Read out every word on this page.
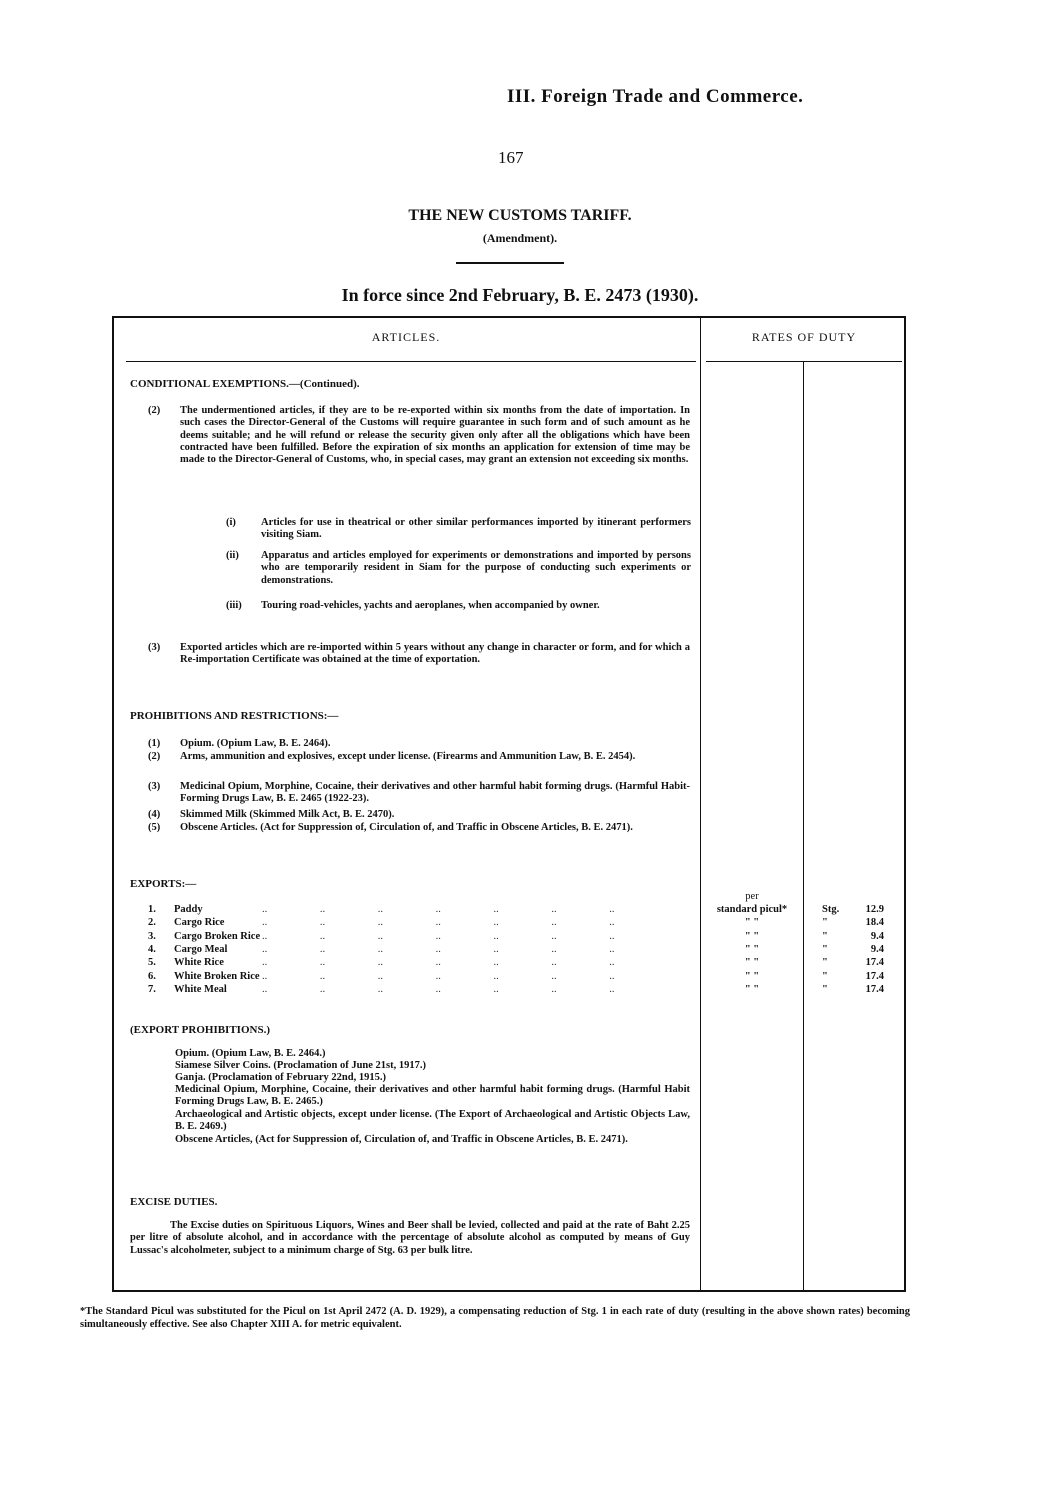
III. Foreign Trade and Commerce.
167
THE NEW CUSTOMS TARIFF.
(Amendment).
In force since 2nd February, B. E. 2473 (1930).
ARTICLES.	RATES OF DUTY
CONDITIONAL EXEMPTIONS.—(Continued).
(2) The undermentioned articles, if they are to be re-exported within six months from the date of importation. In such cases the Director-General of the Customs will require guarantee in such form and of such amount as he deems suitable; and he will refund or release the security given only after all the obligations which have been contracted have been fulfilled. Before the expiration of six months an application for extension of time may be made to the Director-General of Customs, who, in special cases, may grant an extension not exceeding six months.
(i) Articles for use in theatrical or other similar performances imported by itinerant performers visiting Siam.
(ii) Apparatus and articles employed for experiments or demonstrations and imported by persons who are temporarily resident in Siam for the purpose of conducting such experiments or demonstrations.
(iii) Touring road-vehicles, yachts and aeroplanes, when accompanied by owner.
(3) Exported articles which are re-imported within 5 years without any change in character or form, and for which a Re-importation Certificate was obtained at the time of exportation.
PROHIBITIONS AND RESTRICTIONS:—
(1) Opium. (Opium Law, B. E. 2464).
(2) Arms, ammunition and explosives, except under license. (Firearms and Ammunition Law, B. E. 2454).
(3) Medicinal Opium, Morphine, Cocaine, their derivatives and other harmful habit forming drugs. (Harmful Habit-Forming Drugs Law, B. E. 2465 (1922-23).
(4) Skimmed Milk (Skimmed Milk Act, B. E. 2470).
(5) Obscene Articles. (Act for Suppression of, Circulation of, and Traffic in Obscene Articles, B. E. 2471).
EXPORTS:—
per
standard picul*
1. Paddy	.. .. .. .. .. .. ..	Stg.	12.9
2. Cargo Rice	.. .. .. .. .. .. ..	" "	"	18.4
3. Cargo Broken Rice .. .. .. .. .. .. ..	" "	"	9.4
4. Cargo Meal	.. .. .. .. .. .. ..	" "	"	9.4
5. White Rice	.. .. .. .. .. .. ..	" "	"	17.4
6. White Broken Rice .. .. .. .. .. .. ..	" "	"	17.4
7. White Meal	.. .. .. .. .. .. ..	" "	"	17.4
(EXPORT PROHIBITIONS.)
Opium. (Opium Law, B. E. 2464.)
Siamese Silver Coins. (Proclamation of June 21st, 1917.)
Ganja. (Proclamation of February 22nd, 1915.)
Medicinal Opium, Morphine, Cocaine, their derivatives and other harmful habit forming drugs. (Harmful Habit Forming Drugs Law, B. E. 2465.)
Archaeological and Artistic objects, except under license. (The Export of Archaeological and Artistic Objects Law, B. E. 2469.)
Obscene Articles, (Act for Suppression of, Circulation of, and Traffic in Obscene Articles, B. E. 2471).
EXCISE DUTIES.
The Excise duties on Spirituous Liquors, Wines and Beer shall be levied, collected and paid at the rate of Baht 2.25 per litre of absolute alcohol, and in accordance with the percentage of absolute alcohol as computed by means of Guy Lussac's alcoholmeter, subject to a minimum charge of Stg. 63 per bulk litre.
*The Standard Picul was substituted for the Picul on 1st April 2472 (A. D. 1929), a compensating reduction of Stg. 1 in each rate of duty (resulting in the above shown rates) becoming simultaneously effective. See also Chapter XIII A. for metric equivalent.
